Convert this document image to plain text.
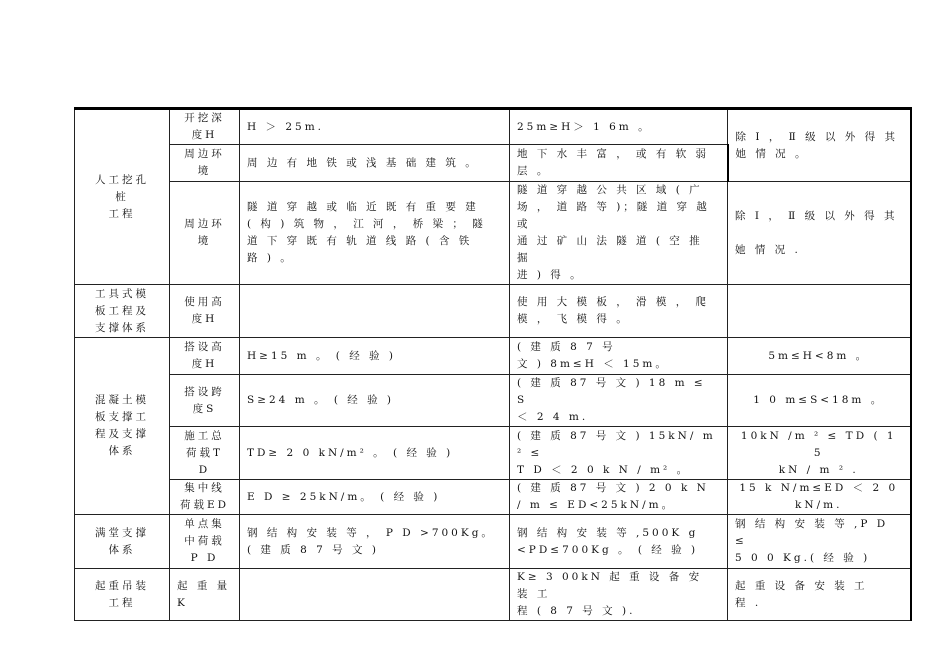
人工挖孔
桩
工程	开挖深
度H	H ＞ 25m.	25m≥H＞ 1 6m 。	除 Ⅰ ， Ⅱ 级 以 外 得 其
她 情 况 。
	周边环
境	周 边 有 地 铁 或 浅 基 础 建 筑 。	地 下 水 丰 富 ， 或 有 软 弱
层 。	
	周边环
境	隧 道 穿 越 或 临 近 既 有 重 要 建
( 构 ) 筑 物 ， 江 河 ， 桥 梁 ； 隧
道 下 穿 既 有 轨 道 线 路 ( 含 铁
路 ) 。	隧 道 穿 越 公 共 区 域 ( 广
场 ， 道 路 等 )；隧 道 穿 越 或
通 过 矿 山 法 隧 道 ( 空 推 掘
进 ) 得 。	除 Ⅰ ， Ⅱ 级 以 外 得 其

她 情 况 .
工具式模
板工程及
支撑体系	使用高
度H		使 用 大 模 板 ， 滑 模 ， 爬
模 ， 飞 模 得 。	
混凝土模
板支撑工
程及支撑
体系	搭设高
度H	H≥15 m 。 ( 经 验 )	( 建 质 8 7 号
文 ) 8m≤H ＜ 15m。	5m≤H<8m 。
	搭设跨
度S	S≥24 m 。 ( 经 验 )	( 建 质 87 号 文 ) 18 m ≤ S
＜ 2 4 m.	1 0 m≤S<18m 。
	施工总
荷载T
D	TD≥ 2 0 kN/m² 。 ( 经 验 )	( 建 质 87 号 文 ) 15kN/ m² ≤
T D ＜ 2 0 k N / m² 。	10kN /m ² ≤ TD ( 1 5
kN / m ² .
	集中线
荷载ED	E D ≥ 25kN/m。 ( 经 验 )	( 建 质 87 号 文 ) 2 0 k N
/ m ≤ ED<25kN/m。	15 k N/m≤ED ＜ 2 0kN/m.
满堂支撑
体系	单点集
中荷载
P D	钢 结 构 安 装 等 ， P D >700Kg。
( 建 质 8 7 号 文 )	钢 结 构 安 装 等 ,500K g
<PD≤700Kg 。 ( 经 验 )	钢 结 构 安 装 等 ,P D ≤
5 0 0 Kg.( 经 验 )
起重吊装
工程	起 重 量
K		K≥ 3 00kN 起 重 设 备 安 装 工
程 ( 8 7 号 文 ).	起 重 设 备 安 装 工
程 .
